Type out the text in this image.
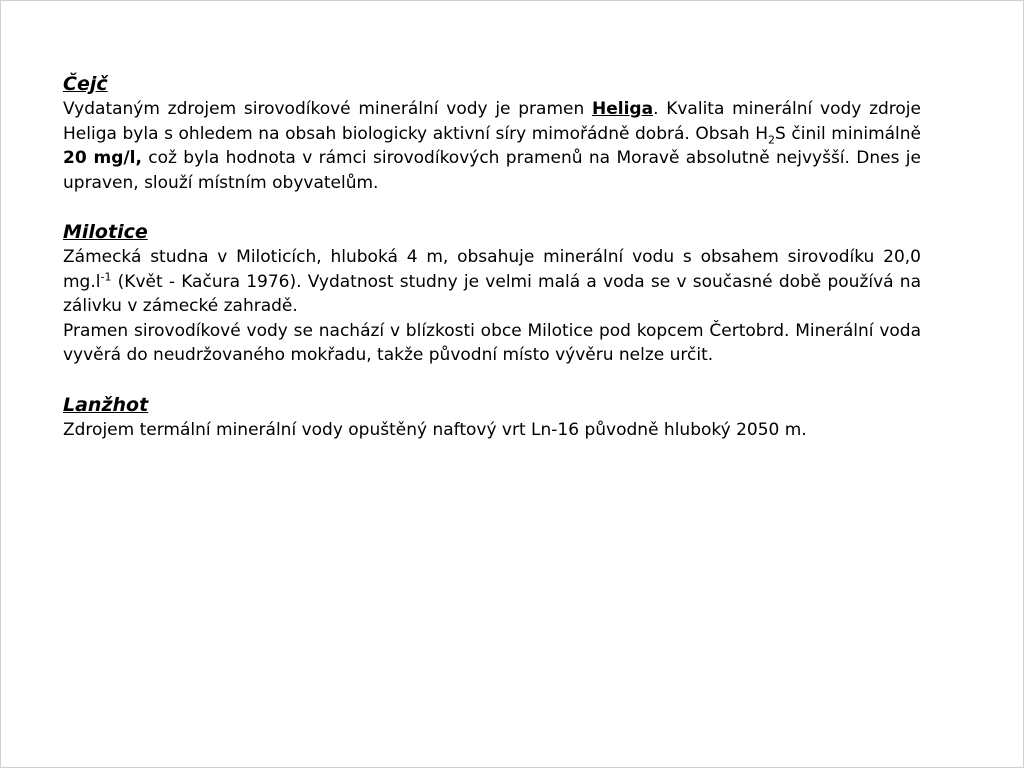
Čejč

Vydataným zdrojem sirovodíkové minerální vody je pramen Heliga. Kvalita minerální vody zdroje Heliga byla s ohledem na obsah biologicky aktivní síry mimořádně dobrá. Obsah $H_2S$ činil minimálně 20 mg/l, což byla hodnota v rámci sirovodíkových pramenů na Moravě absolutně nejvyšší. Dnes je upraven, slouží místním obyvatelům.

Milotice

Zámecká studna v Miloticích, hluboká 4 m, obsahuje minerální vodu s obsahem sirovodíku 20,0 $mg.l^{-1}$ (Květ - Kačura 1976). Vydatnost studny je velmi malá a voda se v současné době používá na zálivku v zámecké zahradě.

Pramen sirovodíkové vody se nachází v blízkosti obce Milotice pod kopcem Čertobrd. Minerální voda vyvěrá do neudržovaného mokřadu, takže původní místo vývěru nelze určit.

Lanžhot

Zdrojem termální minerální vody opuštěný naftový vrt Ln-16 původně hluboký 2050 m.
